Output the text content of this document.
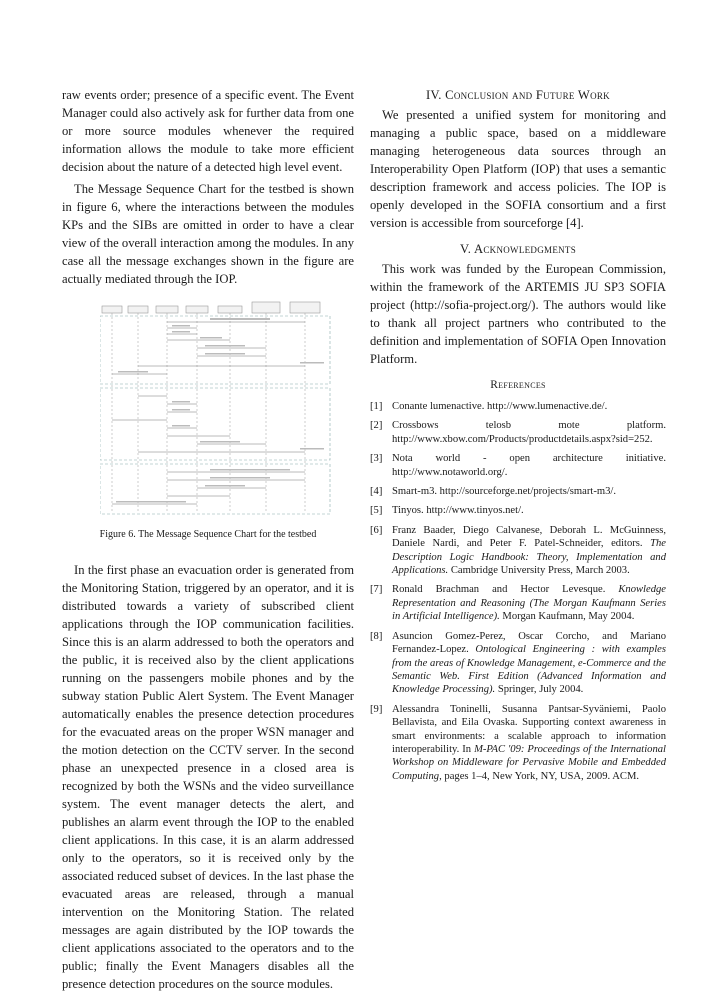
raw events order; presence of a specific event. The Event Manager could also actively ask for further data from one or more source modules whenever the required information allows the module to take more efficient decision about the nature of a detected high level event.

The Message Sequence Chart for the testbed is shown in figure 6, where the interactions between the modules KPs and the SIBs are omitted in order to have a clear view of the overall interaction among the modules. In any case all the message exchanges shown in the figure are actually mediated through the IOP.

Figure 6. The Message Sequence Chart for the testbed

In the first phase an evacuation order is generated from the Monitoring Station, triggered by an operator, and it is distributed towards a variety of subscribed client applications through the IOP communication facilities. Since this is an alarm addressed to both the operators and the public, it is received also by the client applications running on the passengers mobile phones and by the subway station Public Alert System. The Event Manager automatically enables the presence detection procedures for the evacuated areas on the proper WSN manager and the motion detection on the CCTV server. In the second phase an unexpected presence in a closed area is recognized by both the WSNs and the video surveillance system. The event manager detects the alert, and publishes an alarm event through the IOP to the enabled client applications. In this case, it is an alarm addressed only to the operators, so it is received only by the associated reduced subset of devices. In the last phase the evacuated areas are released, through a manual intervention on the Monitoring Station. The related messages are again distributed by the IOP towards the client applications associated to the operators and to the public; finally the Event Managers disables all the presence detection procedures on the source modules.

IV. Conclusion and Future Work

We presented a unified system for monitoring and managing a public space, based on a middleware managing heterogeneous data sources through an Interoperability Open Platform (IOP) that uses a semantic description framework and access policies. The IOP is openly developed in the SOFIA consortium and a first version is accessible from sourceforge [4].

V. Acknowledgments

This work was funded by the European Commission, within the framework of the ARTEMIS JU SP3 SOFIA project (http://sofia-project.org/). The authors would like to thank all project partners who contributed to the definition and implementation of SOFIA Open Innovation Platform.

References

[1] Conante lumenactive. http://www.lumenactive.de/.
[2] Crossbows telosb mote platform. http://www.xbow.com/Products/productdetails.aspx?sid=252.
[3] Nota world - open architecture initiative. http://www.notaworld.org/.
[4] Smart-m3. http://sourceforge.net/projects/smart-m3/.
[5] Tinyos. http://www.tinyos.net/.
[6] Franz Baader, Diego Calvanese, Deborah L. McGuinness, Daniele Nardi, and Peter F. Patel-Schneider, editors. The Description Logic Handbook: Theory, Implementation and Applications. Cambridge University Press, March 2003.
[7] Ronald Brachman and Hector Levesque. Knowledge Representation and Reasoning (The Morgan Kaufmann Series in Artificial Intelligence). Morgan Kaufmann, May 2004.
[8] Asuncion Gomez-Perez, Oscar Corcho, and Mariano Fernandez-Lopez. Ontological Engineering : with examples from the areas of Knowledge Management, e-Commerce and the Semantic Web. First Edition (Advanced Information and Knowledge Processing). Springer, July 2004.
[9] Alessandra Toninelli, Susanna Pantsar-Syväniemi, Paolo Bellavista, and Eila Ovaska. Supporting context awareness in smart environments: a scalable approach to information interoperability. In M-PAC '09: Proceedings of the International Workshop on Middleware for Pervasive Mobile and Embedded Computing, pages 1–4, New York, NY, USA, 2009. ACM.
